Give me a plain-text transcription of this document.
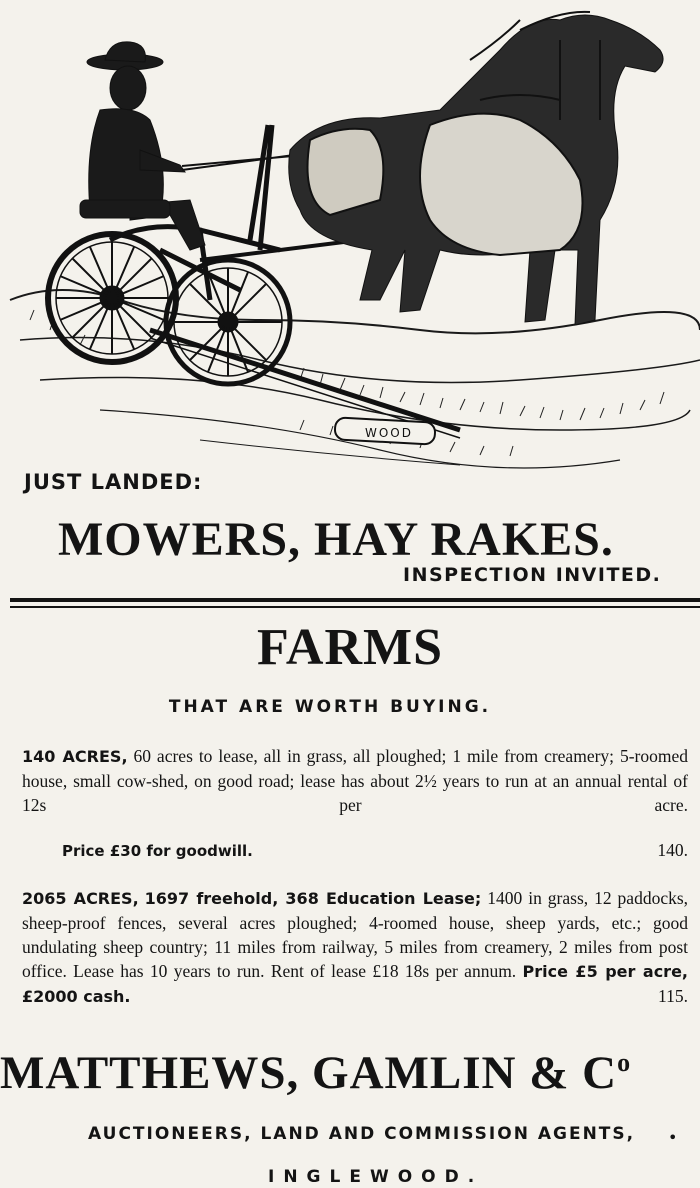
WOOD
JUST LANDED:
MOWERS, HAY RAKES.
INSPECTION INVITED.
FARMS
THAT ARE WORTH BUYING.
140 ACRES, 60 acres to lease, all in grass, all ploughed; 1 mile from creamery; 5-roomed house, small cow-shed, on good road; lease has about 2½ years to run at an annual rental of 12s per acre.
Price £30 for goodwill.	140.
2065 ACRES, 1697 freehold, 368 Education Lease; 1400 in grass, 12 paddocks, sheep-proof fences, several acres ploughed; 4-roomed house, sheep yards, etc.; good undulating sheep country; 11 miles from railway, 5 miles from creamery, 2 miles from post office. Lease has 10 years to run. Rent of lease £18 18s per annum. Price £5 per acre, £2000 cash.	115.
MATTHEWS, GAMLIN & $C^o$
AUCTIONEERS, LAND AND COMMISSION AGENTS, •
INGLEWOOD.
